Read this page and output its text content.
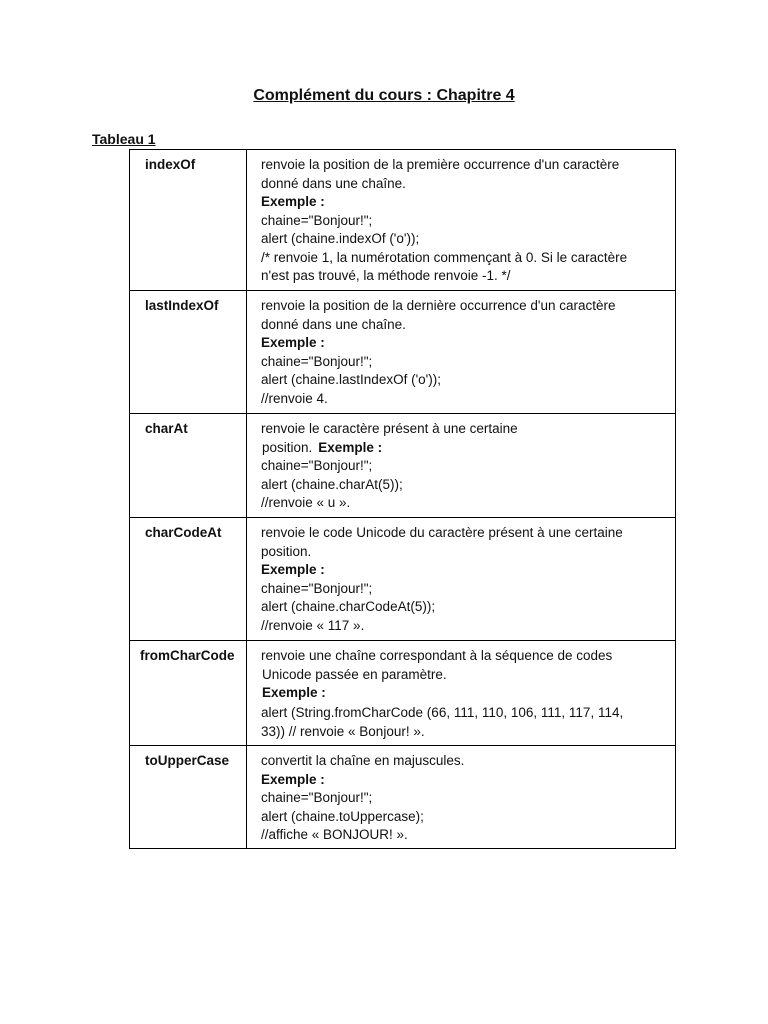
Complément du cours : Chapitre 4
Tableau 1
indexOf	renvoie la position de la première occurrence d'un caractère
donné dans une chaîne.
Exemple :
chaine="Bonjour!";
alert (chaine.indexOf ('o'));
/* renvoie 1, la numérotation commençant à 0. Si le caractère
n'est pas trouvé, la méthode renvoie -1. */
lastIndexOf	renvoie la position de la dernière occurrence d'un caractère
donné dans une chaîne.
Exemple :
chaine="Bonjour!";
alert (chaine.lastIndexOf ('o'));
//renvoie 4.
charAt	renvoie le caractère présent à une certaine
position. Exemple :
chaine="Bonjour!";
alert (chaine.charAt(5));
//renvoie « u ».
charCodeAt	renvoie le code Unicode du caractère présent à une certaine
position.
Exemple :
chaine="Bonjour!";
alert (chaine.charCodeAt(5));
//renvoie « 117 ».
fromCharCode	renvoie une chaîne correspondant à la séquence de codes
Unicode passée en paramètre.
Exemple :
alert (String.fromCharCode (66, 111, 110, 106, 111, 117, 114,
33)) // renvoie « Bonjour! ».
toUpperCase	convertit la chaîne en majuscules.
Exemple :
chaine="Bonjour!";
alert (chaine.toUppercase);
//affiche « BONJOUR! ».
